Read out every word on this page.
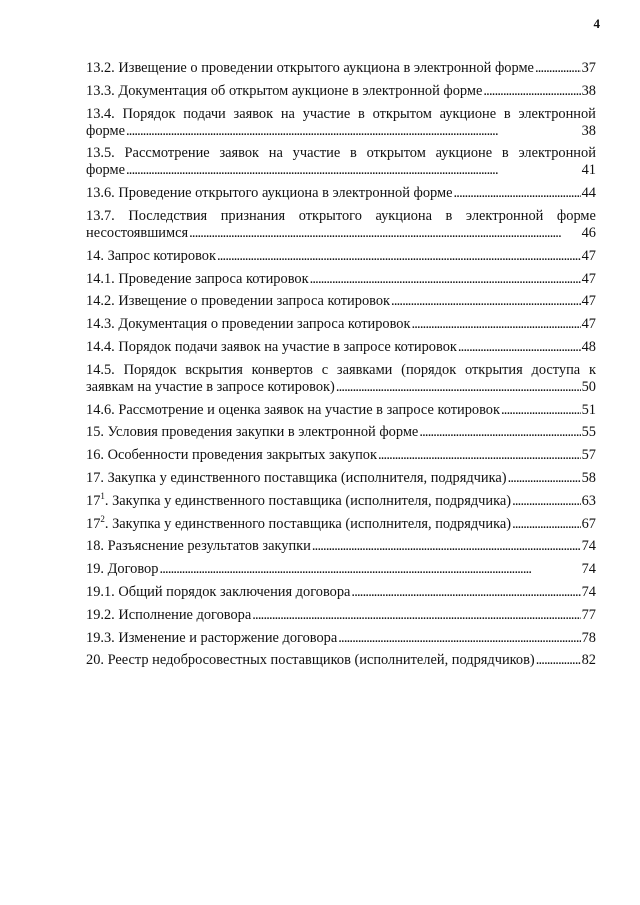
4
13.2. Извещение о проведении открытого аукциона в электронной форме . . .	37
13.3. Документация об открытом аукционе в электронной форме . . .	38
13.4. Порядок подачи заявок на участие в открытом аукционе в электронной
форме . . .	38
13.5. Рассмотрение заявок на участие в открытом аукционе в электронной
форме . . .	41
13.6. Проведение открытого аукциона в электронной форме . . .	44
13.7. Последствия признания открытого аукциона в электронной форме
несостоявшимся . . .	46
14. Запрос котировок . . .	47
14.1. Проведение запроса котировок . . .	47
14.2. Извещение о проведении запроса котировок . . .	47
14.3. Документация о проведении запроса котировок . . .	47
14.4. Порядок подачи заявок на участие в запросе котировок . . .	48
14.5. Порядок вскрытия конвертов с заявками (порядок открытия доступа к
заявкам на участие в запросе котировок) . . .	50
14.6. Рассмотрение и оценка заявок на участие в запросе котировок . . .	51
15. Условия проведения закупки в электронной форме . . .	55
16. Особенности проведения закрытых закупок . . .	57
17. Закупка у единственного поставщика (исполнителя, подрядчика) . . .	58
$17^1$. Закупка у единственного поставщика (исполнителя, подрядчика) . . .	63
$17^2$. Закупка у единственного поставщика (исполнителя, подрядчика) . . .	67
18. Разъяснение результатов закупки . . .	74
19. Договор . . .	74
19.1. Общий порядок заключения договора . . .	74
19.2. Исполнение договора . . .	77
19.3. Изменение и расторжение договора . . .	78
20. Реестр недобросовестных поставщиков (исполнителей, подрядчиков) . . .	82
